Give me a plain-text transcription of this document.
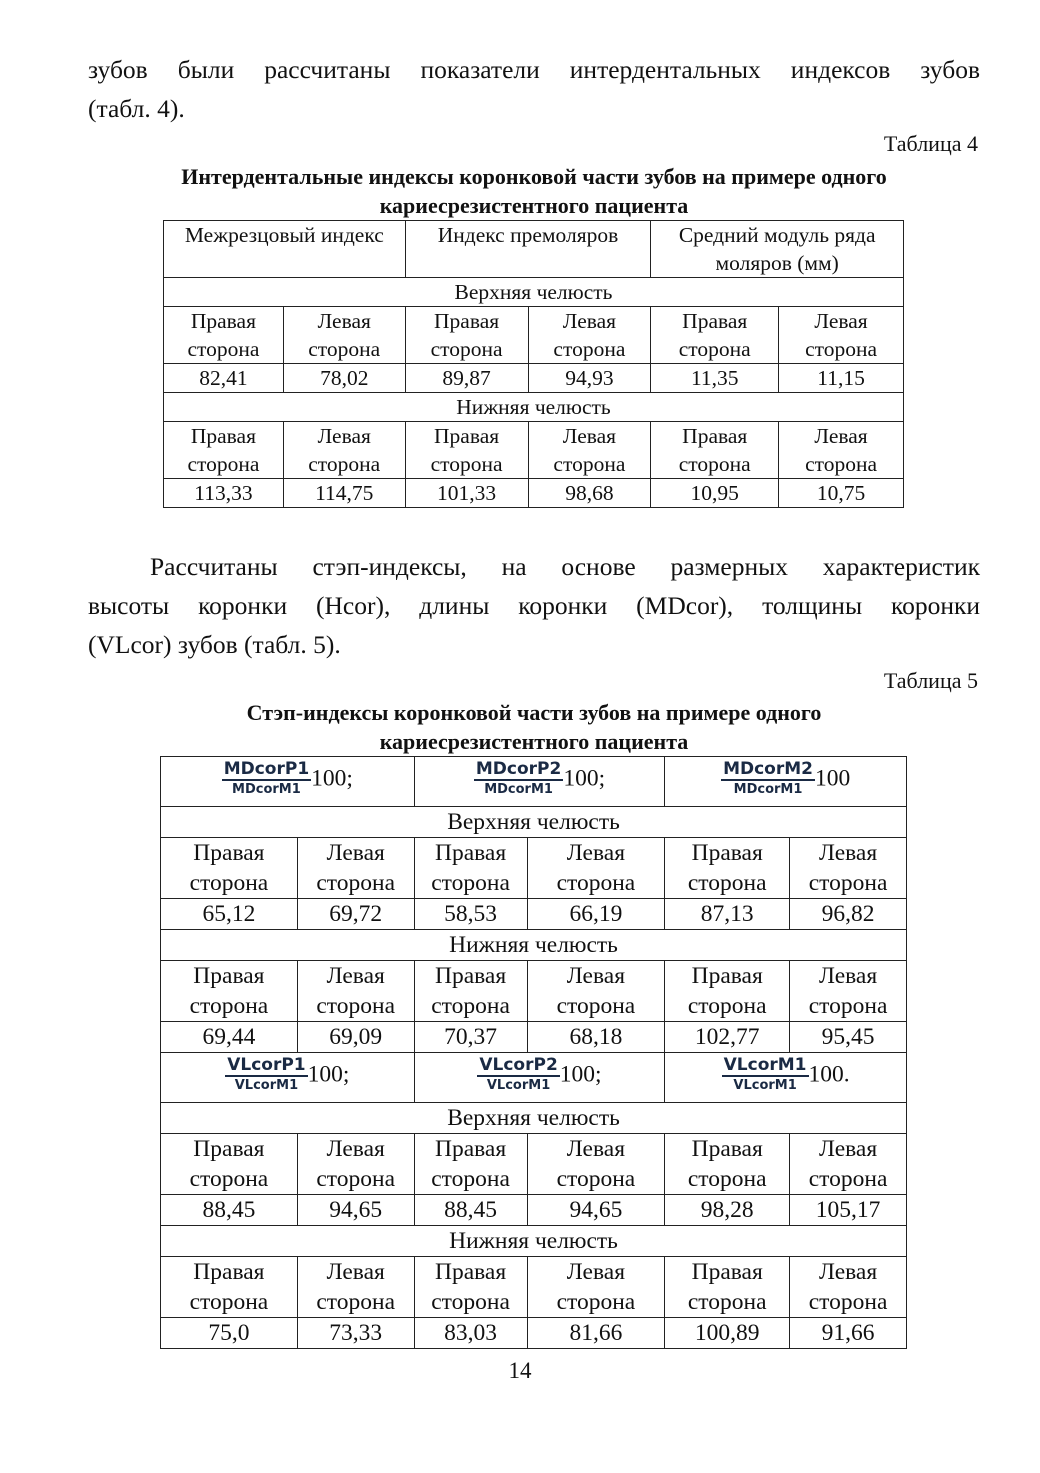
зубов были рассчитаны показатели интердентальных индексов зубов
(табл. 4).

Таблица 4
Интердентальные индексы коронковой части зубов на примере одного
кариесрезистентного пациента
Межрезцовый индекс		Индекс премоляров		Средний модуль ряда моляров (мм)	
Верхняя челюсть					
Правая сторона	Левая сторона	Правая сторона	Левая сторона	Правая сторона	Левая сторона
82,41	78,02	89,87	94,93	11,35	11,15
Нижняя челюсть					
Правая сторона	Левая сторона	Правая сторона	Левая сторона	Правая сторона	Левая сторона
113,33	114,75	101,33	98,68	10,95	10,75

Рассчитаны стэп-индексы, на основе размерных характеристик
высоты коронки (Hcor), длины коронки (MDcor), толщины коронки
(VLcor) зубов (табл. 5).

Таблица 5
Стэп-индексы коронковой части зубов на примере одного
кариесрезистентного пациента
$\frac{\text{MDcorP1}}{\text{MDcorM1}} 100$;		$\frac{\text{MDcorP2}}{\text{MDcorM1}} 100$;		$\frac{\text{MDcorM2}}{\text{MDcorM1}} 100$	
Верхняя челюсть					
Правая сторона	Левая сторона	Правая сторона	Левая сторона	Правая сторона	Левая сторона
65,12	69,72	58,53	66,19	87,13	96,82
Нижняя челюсть					
Правая сторона	Левая сторона	Правая сторона	Левая сторона	Правая сторона	Левая сторона
69,44	69,09	70,37	68,18	102,77	95,45

$\frac{\text{VLcorP1}}{\text{VLcorM1}} 100$;		$\frac{\text{VLcorP2}}{\text{VLcorM1}} 100$;		$\frac{\text{VLcorM1}}{\text{VLcorM1}} 100$.	
Верхняя челюсть					
Правая сторона	Левая сторона	Правая сторона	Левая сторона	Правая сторона	Левая сторона
88,45	94,65	88,45	94,65	98,28	105,17
Нижняя челюсть					
Правая сторона	Левая сторона	Правая сторона	Левая сторона	Правая сторона	Левая сторона
75,0	73,33	83,03	81,66	100,89	91,66
14
